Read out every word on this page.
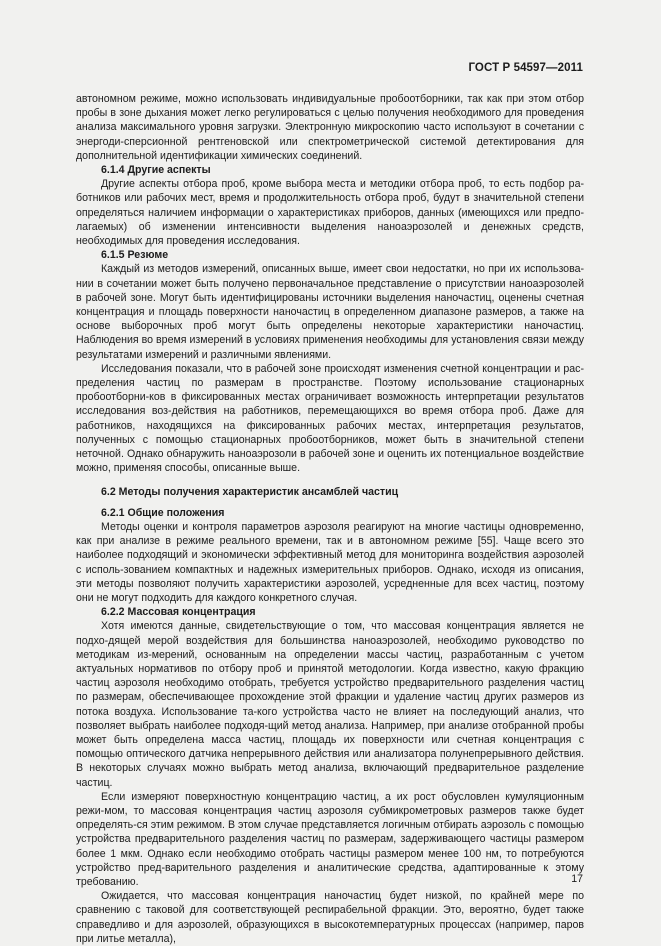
ГОСТ Р 54597—2011

автономном режиме, можно использовать индивидуальные пробоотборники, так как при этом отбор пробы в зоне дыхания может легко регулироваться с целью получения необходимого для проведения анализа максимального уровня загрузки. Электронную микроскопию часто используют в сочетании с энергоди-сперсионной рентгеновской или спектрометрической системой детектирования для дополнительной идентификации химических соединений.

6.1.4 Другие аспекты

Другие аспекты отбора проб, кроме выбора места и методики отбора проб, то есть подбор ра-ботников или рабочих мест, время и продолжительность отбора проб, будут в значительной степени определяться наличием информации о характеристиках приборов, данных (имеющихся или предпо-лагаемых) об изменении интенсивности выделения наноаэрозолей и денежных средств, необходимых для проведения исследования.

6.1.5 Резюме

Каждый из методов измерений, описанных выше, имеет свои недостатки, но при их использова-нии в сочетании может быть получено первоначальное представление о присутствии наноаэрозолей в рабочей зоне. Могут быть идентифицированы источники выделения наночастиц, оценены счетная концентрация и площадь поверхности наночастиц в определенном диапазоне размеров, а также на основе выборочных проб могут быть определены некоторые характеристики наночастиц. Наблюдения во время измерений в условиях применения необходимы для установления связи между результатами измерений и различными явлениями.

Исследования показали, что в рабочей зоне происходят изменения счетной концентрации и рас-пределения частиц по размерам в пространстве. Поэтому использование стационарных пробоотборни-ков в фиксированных местах ограничивает возможность интерпретации результатов исследования воз-действия на работников, перемещающихся во время отбора проб. Даже для работников, находящихся на фиксированных рабочих местах, интерпретация результатов, полученных с помощью стационарных пробоотборников, может быть в значительной степени неточной. Однако обнаружить наноаэрозоли в рабочей зоне и оценить их потенциальное воздействие можно, применяя способы, описанные выше.

6.2 Методы получения характеристик ансамблей частиц

6.2.1 Общие положения

Методы оценки и контроля параметров аэрозоля реагируют на многие частицы одновременно, как при анализе в режиме реального времени, так и в автономном режиме [55]. Чаще всего это наиболее подходящий и экономически эффективный метод для мониторинга воздействия аэрозолей с исполь-зованием компактных и надежных измерительных приборов. Однако, исходя из описания, эти методы позволяют получить характеристики аэрозолей, усредненные для всех частиц, поэтому они не могут подходить для каждого конкретного случая.

6.2.2 Массовая концентрация

Хотя имеются данные, свидетельствующие о том, что массовая концентрация является не подхо-дящей мерой воздействия для большинства наноаэрозолей, необходимо руководство по методикам из-мерений, основанным на определении массы частиц, разработанным с учетом актуальных нормативов по отбору проб и принятой методологии. Когда известно, какую фракцию частиц аэрозоля необходимо отобрать, требуется устройство предварительного разделения частиц по размерам, обеспечивающее прохождение этой фракции и удаление частиц других размеров из потока воздуха. Использование та-кого устройства часто не влияет на последующий анализ, что позволяет выбрать наиболее подходя-щий метод анализа. Например, при анализе отобранной пробы может быть определена масса частиц, площадь их поверхности или счетная концентрация с помощью оптического датчика непрерывного действия или анализатора полунепрерывного действия. В некоторых случаях можно выбрать метод анализа, включающий предварительное разделение частиц.

Если измеряют поверхностную концентрацию частиц, а их рост обусловлен кумуляционным режи-мом, то массовая концентрация частиц аэрозоля субмикрометровых размеров также будет определять-ся этим режимом. В этом случае представляется логичным отбирать аэрозоль с помощью устройства предварительного разделения частиц по размерам, задерживающего частицы размером более 1 мкм. Однако если необходимо отобрать частицы размером менее 100 нм, то потребуются устройство пред-варительного разделения и аналитические средства, адаптированные к этому требованию.

Ожидается, что массовая концентрация наночастиц будет низкой, по крайней мере по сравнению с таковой для соответствующей респирабельной фракции. Это, вероятно, будет также справедливо и для аэрозолей, образующихся в высокотемпературных процессах (например, паров при литье металла),

17
